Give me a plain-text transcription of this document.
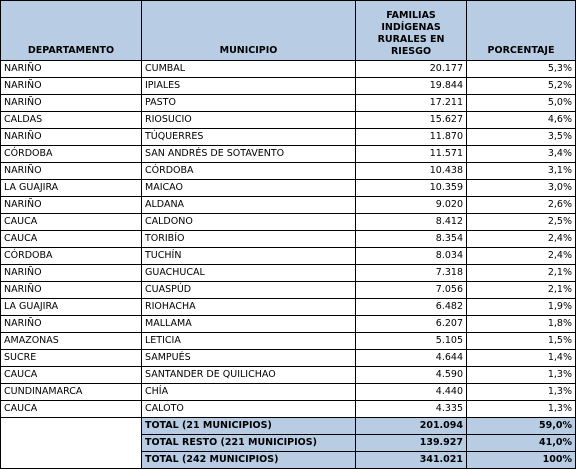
DEPARTAMENTO	MUNICIPIO	FAMILIAS INDÍGENAS RURALES EN RIESGO	PORCENTAJE
NARIÑO	CUMBAL	20.177	5,3%
NARIÑO	IPIALES	19.844	5,2%
NARIÑO	PASTO	17.211	5,0%
CALDAS	RIOSUCIO	15.627	4,6%
NARIÑO	TÚQUERRES	11.870	3,5%
CÓRDOBA	SAN ANDRÉS DE SOTAVENTO	11.571	3,4%
NARIÑO	CÓRDOBA	10.438	3,1%
LA GUAJIRA	MAICAO	10.359	3,0%
NARIÑO	ALDANA	9.020	2,6%
CAUCA	CALDONO	8.412	2,5%
CAUCA	TORIBÍO	8.354	2,4%
CÓRDOBA	TUCHÍN	8.034	2,4%
NARIÑO	GUACHUCAL	7.318	2,1%
NARIÑO	CUASPÚD	7.056	2,1%
LA GUAJIRA	RIOHACHA	6.482	1,9%
NARIÑO	MALLAMA	6.207	1,8%
AMAZONAS	LETICIA	5.105	1,5%
SUCRE	SAMPUÉS	4.644	1,4%
CAUCA	SANTANDER DE QUILICHAO	4.590	1,3%
CUNDINAMARCA	CHÍA	4.440	1,3%
CAUCA	CALOTO	4.335	1,3%
	TOTAL (21 MUNICIPIOS)	201.094	59,0%
	TOTAL RESTO (221 MUNICIPIOS)	139.927	41,0%
	TOTAL (242 MUNICIPIOS)	341.021	100%
